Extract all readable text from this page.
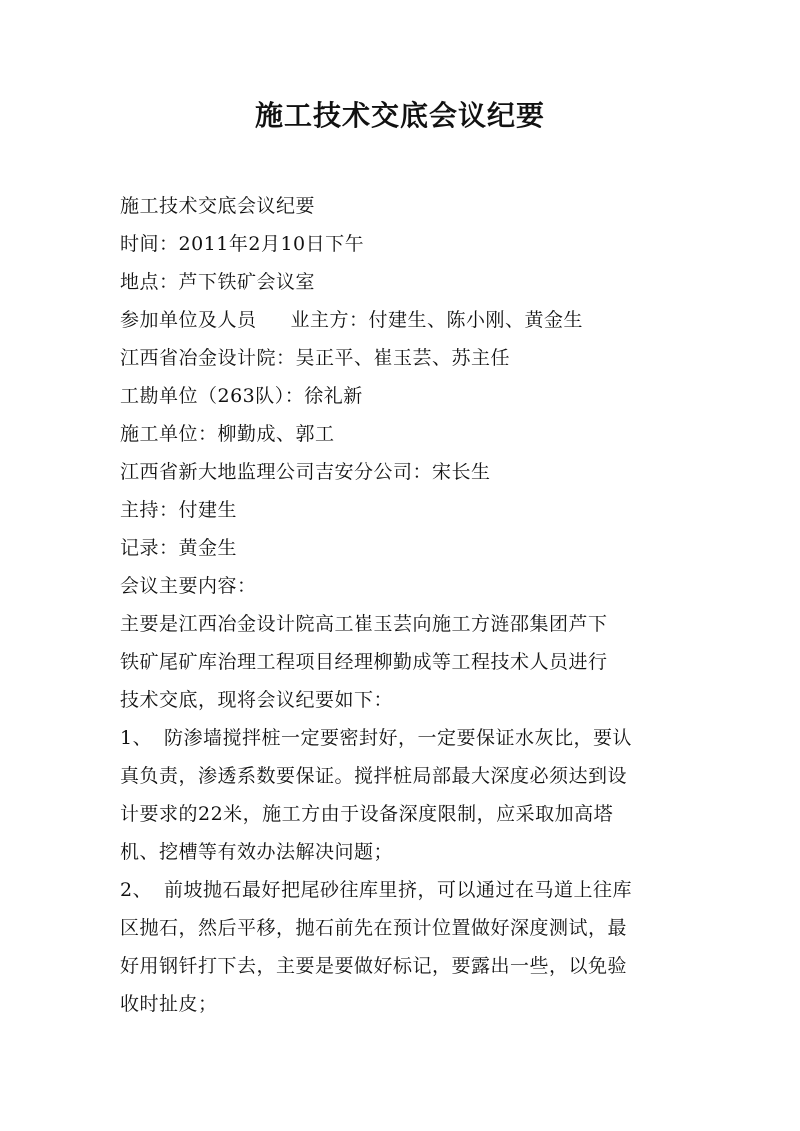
施工技术交底会议纪要
施工技术交底会议纪要
时间：2011年2月10日下午
地点：芦下铁矿会议室
参加单位及人员 业主方：付建生、陈小刚、黄金生
江西省冶金设计院：吴正平、崔玉芸、苏主任
工勘单位（263队）：徐礼新
施工单位：柳勤成、郭工
江西省新大地监理公司吉安分公司：宋长生
主持：付建生
记录：黄金生
会议主要内容：
主要是江西冶金设计院高工崔玉芸向施工方涟邵集团芦下
铁矿尾矿库治理工程项目经理柳勤成等工程技术人员进行
技术交底，现将会议纪要如下：
1、 防渗墙搅拌桩一定要密封好，一定要保证水灰比，要认
真负责，渗透系数要保证。搅拌桩局部最大深度必须达到设
计要求的22米，施工方由于设备深度限制，应采取加高塔
机、挖槽等有效办法解决问题；
2、 前坡抛石最好把尾砂往库里挤，可以通过在马道上往库
区抛石，然后平移，抛石前先在预计位置做好深度测试，最
好用钢钎打下去，主要是要做好标记，要露出一些，以免验
收时扯皮；
